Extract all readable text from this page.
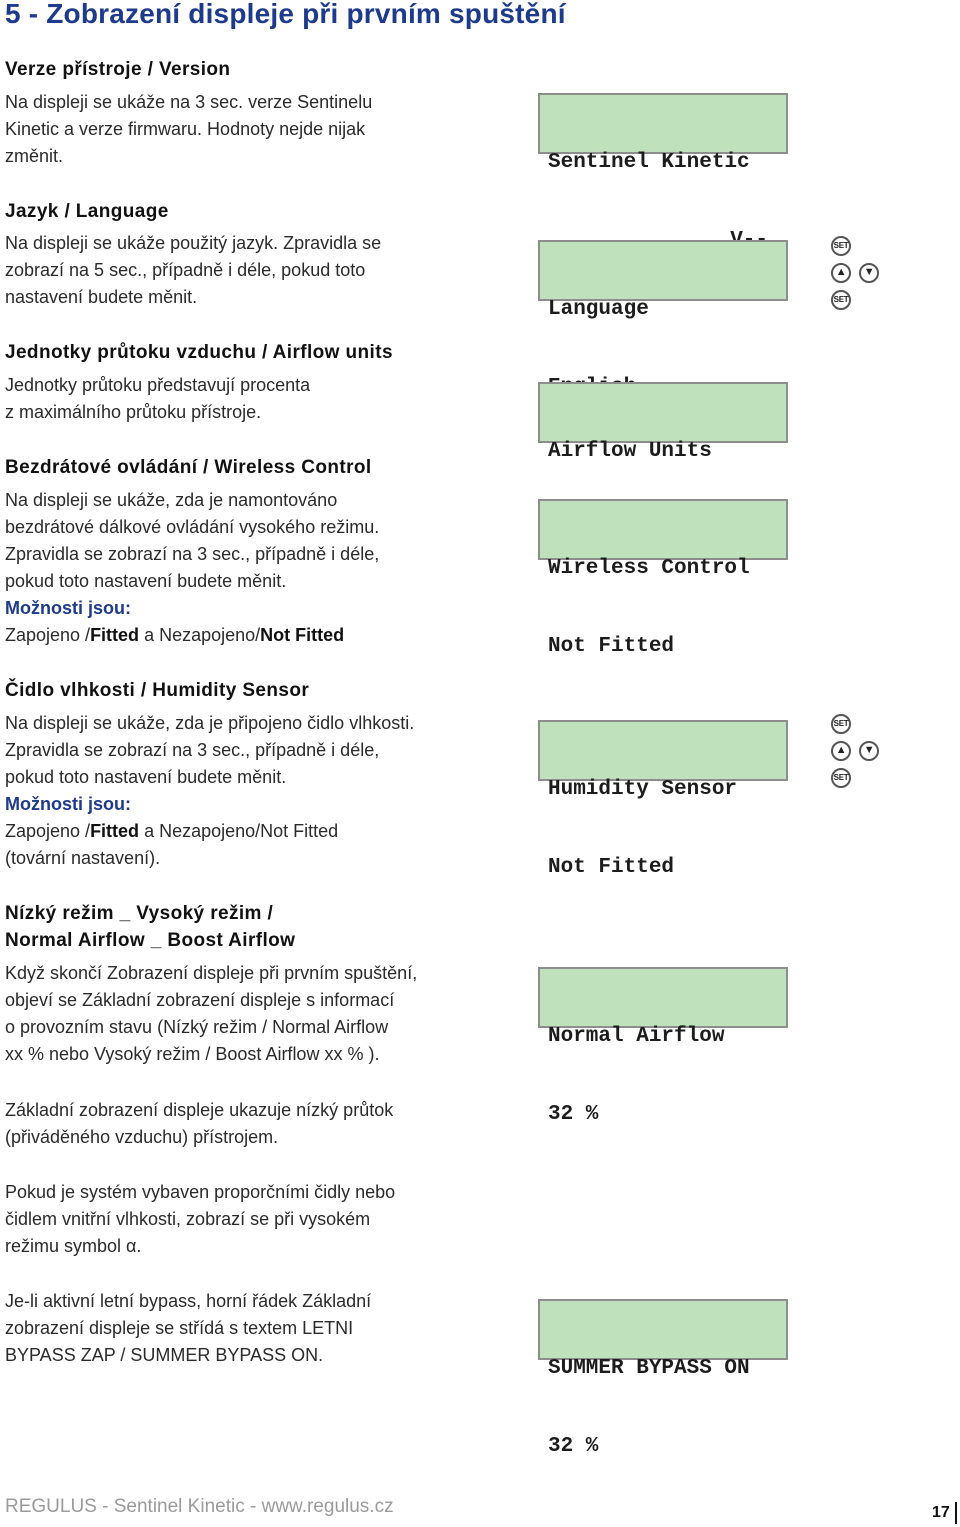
5 - Zobrazení displeje při prvním spuštění
Verze přístroje / Version

Na displeji se ukáže na 3 sec. verze Sentinelu
Kinetic a verze firmwaru. Hodnoty nejde nijak
změnit.

	Sentinel Kinetic

Jazyk / Language

Na displeji se ukáže použitý jazyk. Zpravidla se
zobrazí na 5 sec., případně i déle, pokud toto
nastavení budete měnit.

Language

SET
▲	▼
SET
Jednotky průtoku vzduchu / Airflow units

Jednotky průtoku představují procenta
z maximálního průtoku přístroje.

Airflow Units

Bezdrátové ovládání / Wireless Control

Na displeji se ukáže, zda je namontováno
bezdrátové dálkové ovládání vysokého režimu.
Zpravidla se zobrazí na 3 sec., případně i déle,
pokud toto nastavení budete měnit.
Možnosti jsou:
Zapojeno /Fitted a Nezapojeno/Not Fitted

Wireless Control

Not Fitted

Čidlo vlhkosti / Humidity Sensor

Na displeji se ukáže, zda je připojeno čidlo vlhkosti.
Zpravidla se zobrazí na 3 sec., případně i déle,
pokud toto nastavení budete měnit.
Možnosti jsou:
Zapojeno /Fitted a Nezapojeno/Not Fitted
(tovární nastavení).

Humidity Sensor

Not Fitted

SET
▲	▼
SET
Nízký režim _ Vysoký režim /
Normal Airflow _ Boost Airflow

Když skončí Zobrazení displeje při prvním spuštění,
objeví se Základní zobrazení displeje s informací
o provozním stavu (Nízký režim / Normal Airflow
xx % nebo Vysoký režim / Boost Airflow xx % ).

Normal Airflow

32 %

Základní zobrazení displeje ukazuje nízký průtok
(přiváděného vzduchu) přístrojem.

Pokud je systém vybaven proporčními čidly nebo
čidlem vnitřní vlhkosti, zobrazí se při vysokém
režimu symbol α.

Je-li aktivní letní bypass, horní řádek Základní
zobrazení displeje se střídá s textem LETNI
BYPASS ZAP / SUMMER BYPASS ON.

SUMMER BYPASS ON

32 %

REGULUS - Sentinel Kinetic - www.regulus.cz	17
